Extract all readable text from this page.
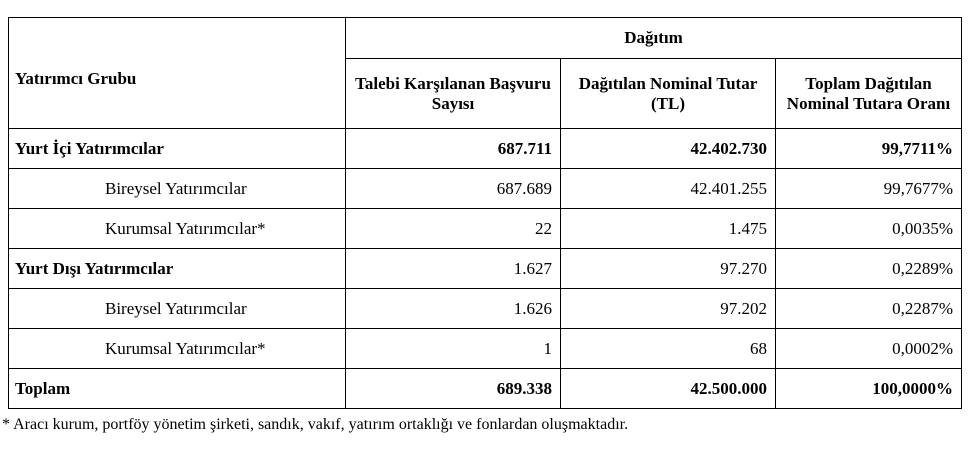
Yatırımcı Grubu	Dağıtım		
	Talebi Karşılanan Başvuru Sayısı	Dağıtılan Nominal Tutar (TL)	Toplam Dağıtılan Nominal Tutara Oranı
Yurt İçi Yatırımcılar	687.711	42.402.730	99,7711%
Bireysel Yatırımcılar	687.689	42.401.255	99,7677%
Kurumsal Yatırımcılar*	22	1.475	0,0035%
Yurt Dışı Yatırımcılar	1.627	97.270	0,2289%
Bireysel Yatırımcılar	1.626	97.202	0,2287%
Kurumsal Yatırımcılar*	1	68	0,0002%
Toplam	689.338	42.500.000	100,0000%
* Aracı kurum, portföy yönetim şirketi, sandık, vakıf, yatırım ortaklığı ve fonlardan oluşmaktadır.
